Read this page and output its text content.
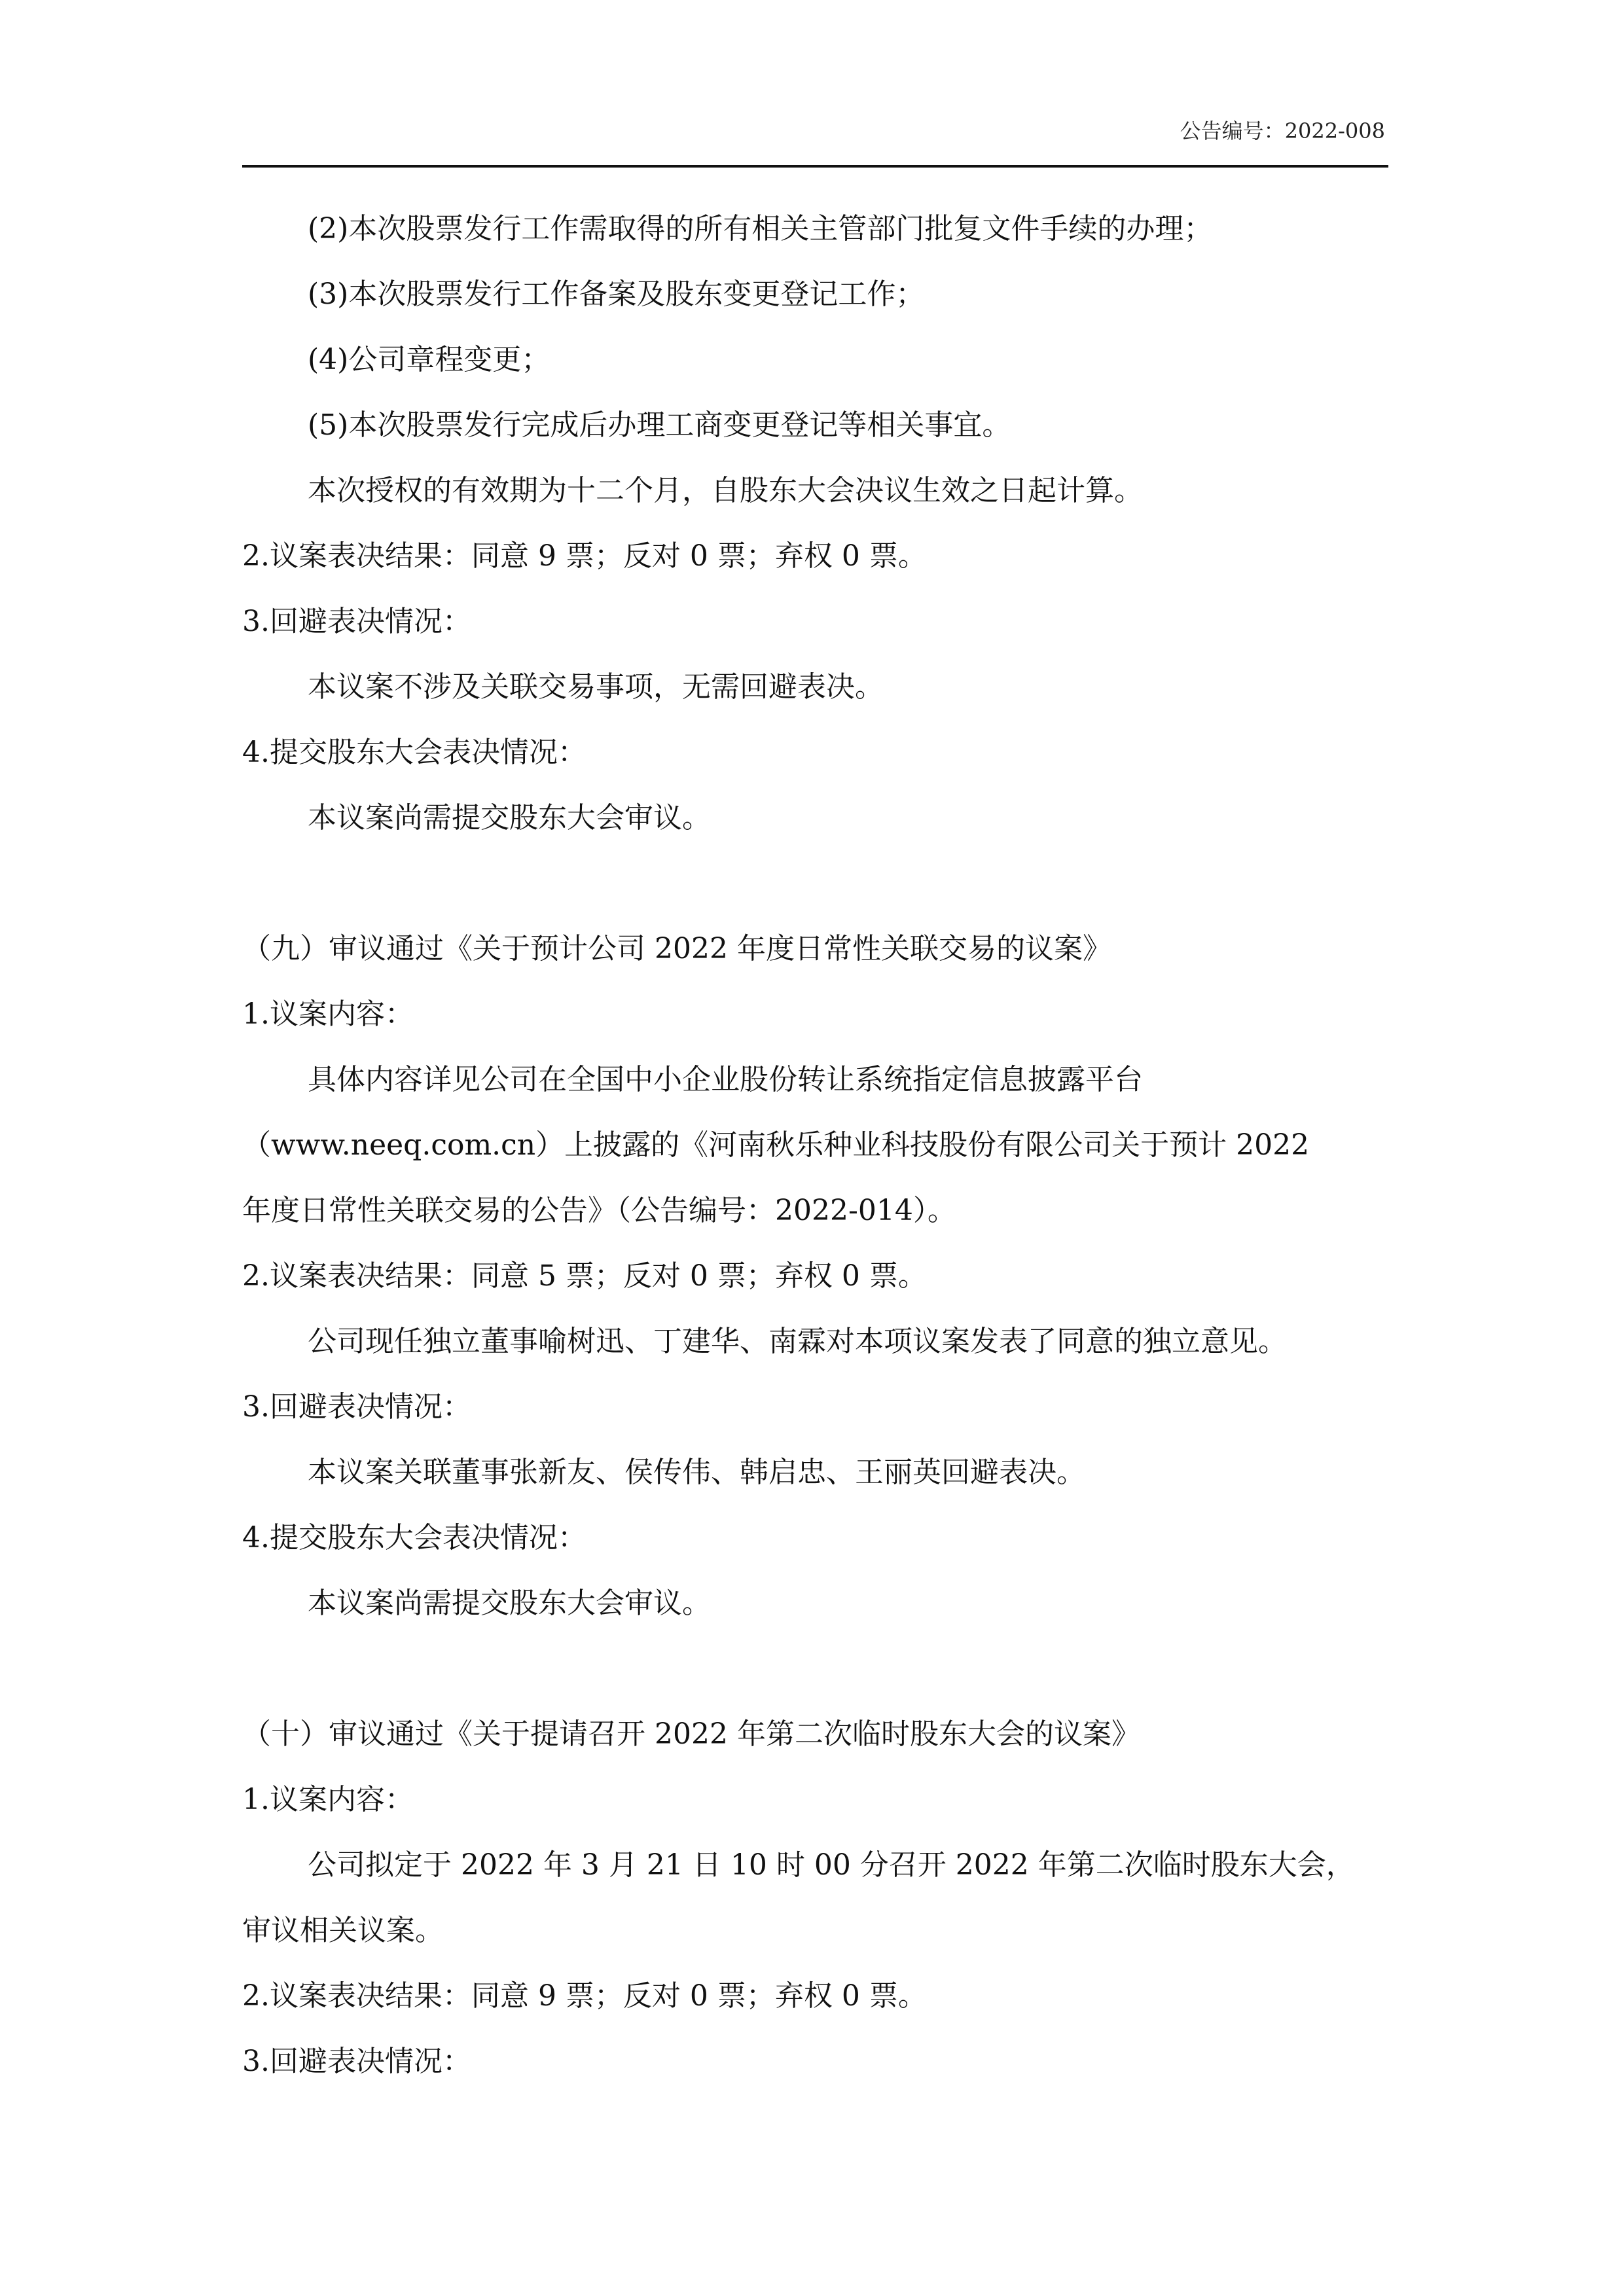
公告编号：2022-008
(2)本次股票发行工作需取得的所有相关主管部门批复文件手续的办理；
(3)本次股票发行工作备案及股东变更登记工作；
(4)公司章程变更；
(5)本次股票发行完成后办理工商变更登记等相关事宜。
本次授权的有效期为十二个月，自股东大会决议生效之日起计算。
2.议案表决结果：同意 9 票；反对 0 票；弃权 0 票。
3.回避表决情况：
本议案不涉及关联交易事项，无需回避表决。
4.提交股东大会表决情况：
本议案尚需提交股东大会审议。
（九）审议通过《关于预计公司 2022 年度日常性关联交易的议案》
1.议案内容：
具体内容详见公司在全国中小企业股份转让系统指定信息披露平台
（www.neeq.com.cn）上披露的《河南秋乐种业科技股份有限公司关于预计 2022
年度日常性关联交易的公告》（公告编号：2022-014）。
2.议案表决结果：同意 5 票；反对 0 票；弃权 0 票。
公司现任独立董事喻树迅、丁建华、南霖对本项议案发表了同意的独立意见。
3.回避表决情况：
本议案关联董事张新友、侯传伟、韩启忠、王丽英回避表决。
4.提交股东大会表决情况：
本议案尚需提交股东大会审议。
（十）审议通过《关于提请召开 2022 年第二次临时股东大会的议案》
1.议案内容：
公司拟定于 2022 年 3 月 21 日 10 时 00 分召开 2022 年第二次临时股东大会，
审议相关议案。
2.议案表决结果：同意 9 票；反对 0 票；弃权 0 票。
3.回避表决情况：
